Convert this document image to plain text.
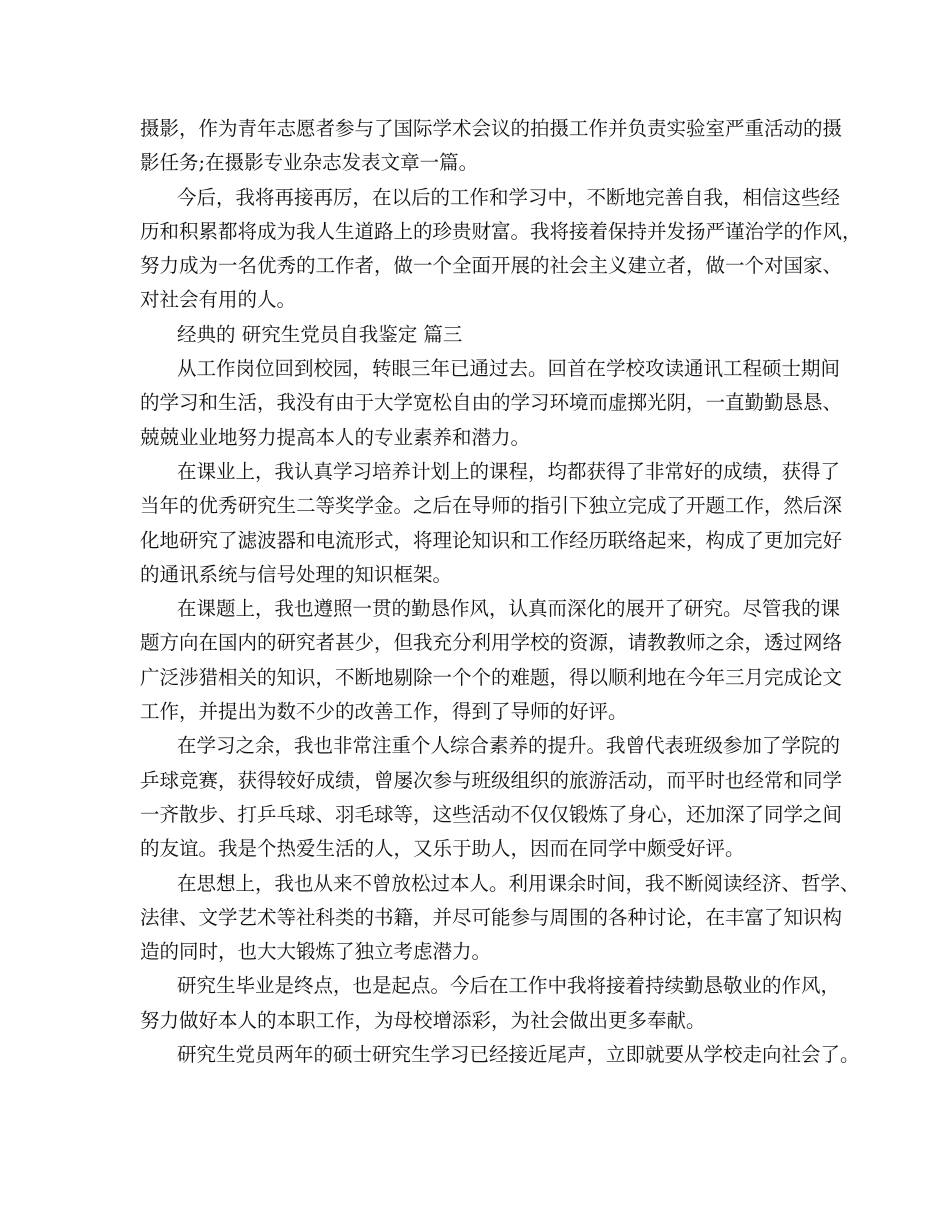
摄影，作为青年志愿者参与了国际学术会议的拍摄工作并负责实验室严重活动的摄
影任务;在摄影专业杂志发表文章一篇。
今后，我将再接再厉，在以后的工作和学习中，不断地完善自我，相信这些经
历和积累都将成为我人生道路上的珍贵财富。我将接着保持并发扬严谨治学的作风，
努力成为一名优秀的工作者，做一个全面开展的社会主义建立者，做一个对国家、
对社会有用的人。
经典的 研究生党员自我鉴定 篇三
从工作岗位回到校园，转眼三年已通过去。回首在学校攻读通讯工程硕士期间
的学习和生活，我没有由于大学宽松自由的学习环境而虚掷光阴，一直勤勤恳恳、
兢兢业业地努力提高本人的专业素养和潜力。
在课业上，我认真学习培养计划上的课程，均都获得了非常好的成绩，获得了
当年的优秀研究生二等奖学金。之后在导师的指引下独立完成了开题工作，然后深
化地研究了滤波器和电流形式，将理论知识和工作经历联络起来，构成了更加完好
的通讯系统与信号处理的知识框架。
在课题上，我也遵照一贯的勤恳作风，认真而深化的展开了研究。尽管我的课
题方向在国内的研究者甚少，但我充分利用学校的资源，请教教师之余，透过网络
广泛涉猎相关的知识，不断地剔除一个个的难题，得以顺利地在今年三月完成论文
工作，并提出为数不少的改善工作，得到了导师的好评。
在学习之余，我也非常注重个人综合素养的提升。我曾代表班级参加了学院的
乒球竞赛，获得较好成绩，曾屡次参与班级组织的旅游活动，而平时也经常和同学
一齐散步、打乒乓球、羽毛球等，这些活动不仅仅锻炼了身心，还加深了同学之间
的友谊。我是个热爱生活的人，又乐于助人，因而在同学中颇受好评。
在思想上，我也从来不曾放松过本人。利用课余时间，我不断阅读经济、哲学、
法律、文学艺术等社科类的书籍，并尽可能参与周围的各种讨论，在丰富了知识构
造的同时，也大大锻炼了独立考虑潜力。
研究生毕业是终点，也是起点。今后在工作中我将接着持续勤恳敬业的作风，
努力做好本人的本职工作，为母校增添彩，为社会做出更多奉献。
研究生党员两年的硕士研究生学习已经接近尾声，立即就要从学校走向社会了。
